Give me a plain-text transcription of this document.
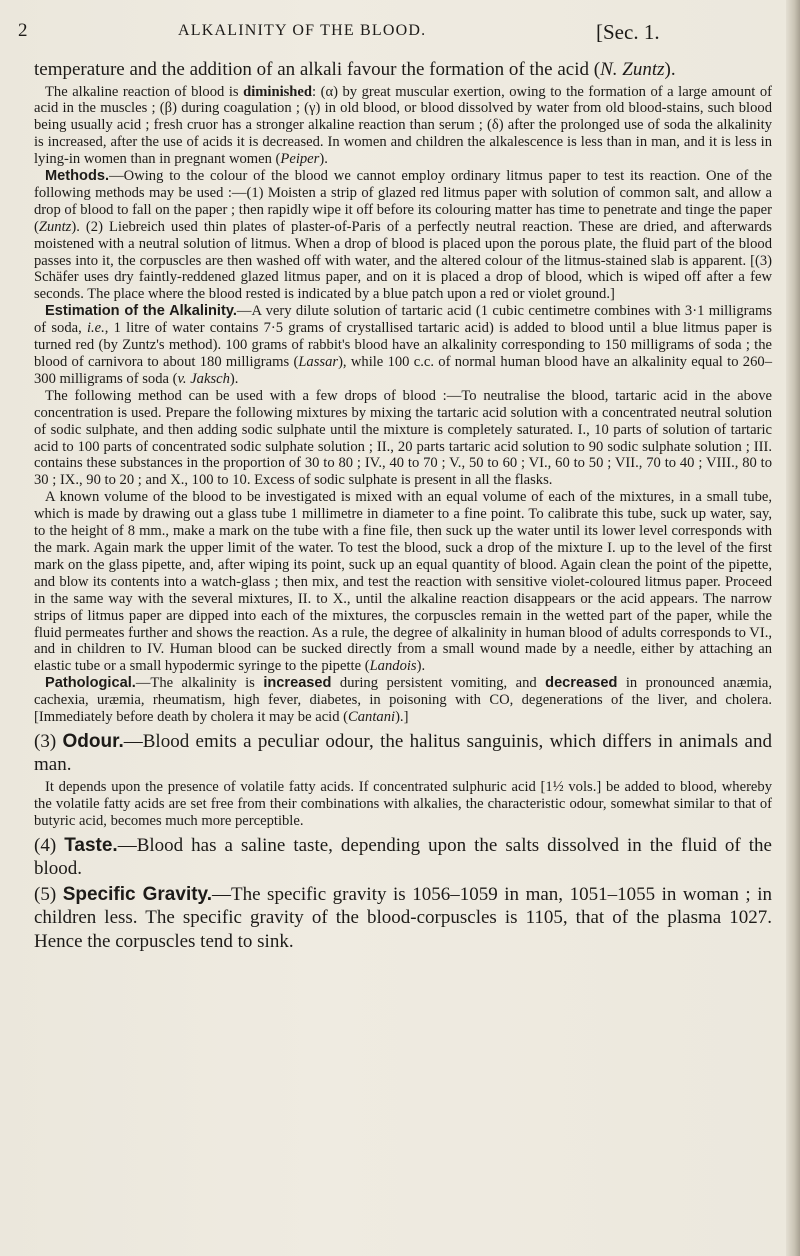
2	ALKALINITY OF THE BLOOD.	[Sec. 1.

temperature and the addition of an alkali favour the formation of the acid (N. Zuntz).

The alkaline reaction of blood is diminished: (α) by great muscular exertion, owing to the formation of a large amount of acid in the muscles ; (β) during coagulation ; (γ) in old blood, or blood dissolved by water from old blood-stains, such blood being usually acid ; fresh cruor has a stronger alkaline reaction than serum ; (δ) after the prolonged use of soda the alkalinity is increased, after the use of acids it is decreased. In women and children the alkalescence is less than in man, and it is less in lying-in women than in pregnant women (Peiper).

Methods.—Owing to the colour of the blood we cannot employ ordinary litmus paper to test its reaction. One of the following methods may be used :—(1) Moisten a strip of glazed red litmus paper with solution of common salt, and allow a drop of blood to fall on the paper ; then rapidly wipe it off before its colouring matter has time to penetrate and tinge the paper (Zuntz). (2) Liebreich used thin plates of plaster-of-Paris of a perfectly neutral reaction. These are dried, and afterwards moistened with a neutral solution of litmus. When a drop of blood is placed upon the porous plate, the fluid part of the blood passes into it, the corpuscles are then washed off with water, and the altered colour of the litmus-stained slab is apparent. [(3) Schäfer uses dry faintly-reddened glazed litmus paper, and on it is placed a drop of blood, which is wiped off after a few seconds. The place where the blood rested is indicated by a blue patch upon a red or violet ground.]

Estimation of the Alkalinity.—A very dilute solution of tartaric acid (1 cubic centimetre combines with 3·1 milligrams of soda, i.e., 1 litre of water contains 7·5 grams of crystallised tartaric acid) is added to blood until a blue litmus paper is turned red (by Zuntz's method). 100 grams of rabbit's blood have an alkalinity corresponding to 150 milligrams of soda ; the blood of carnivora to about 180 milligrams (Lassar), while 100 c.c. of normal human blood have an alkalinity equal to 260–300 milligrams of soda (v. Jaksch).

The following method can be used with a few drops of blood :—To neutralise the blood, tartaric acid in the above concentration is used. Prepare the following mixtures by mixing the tartaric acid solution with a concentrated neutral solution of sodic sulphate, and then adding sodic sulphate until the mixture is completely saturated. I., 10 parts of solution of tartaric acid to 100 parts of concentrated sodic sulphate solution ; II., 20 parts tartaric acid solution to 90 sodic sulphate solution ; III. contains these substances in the proportion of 30 to 80 ; IV., 40 to 70 ; V., 50 to 60 ; VI., 60 to 50 ; VII., 70 to 40 ; VIII., 80 to 30 ; IX., 90 to 20 ; and X., 100 to 10. Excess of sodic sulphate is present in all the flasks.

A known volume of the blood to be investigated is mixed with an equal volume of each of the mixtures, in a small tube, which is made by drawing out a glass tube 1 millimetre in diameter to a fine point. To calibrate this tube, suck up water, say, to the height of 8 mm., make a mark on the tube with a fine file, then suck up the water until its lower level corresponds with the mark. Again mark the upper limit of the water. To test the blood, suck a drop of the mixture I. up to the level of the first mark on the glass pipette, and, after wiping its point, suck up an equal quantity of blood. Again clean the point of the pipette, and blow its contents into a watch-glass ; then mix, and test the reaction with sensitive violet-coloured litmus paper. Proceed in the same way with the several mixtures, II. to X., until the alkaline reaction disappears or the acid appears. The narrow strips of litmus paper are dipped into each of the mixtures, the corpuscles remain in the wetted part of the paper, while the fluid permeates further and shows the reaction. As a rule, the degree of alkalinity in human blood of adults corresponds to VI., and in children to IV. Human blood can be sucked directly from a small wound made by a needle, either by attaching an elastic tube or a small hypodermic syringe to the pipette (Landois).

Pathological.—The alkalinity is increased during persistent vomiting, and decreased in pronounced anæmia, cachexia, uræmia, rheumatism, high fever, diabetes, in poisoning with CO, degenerations of the liver, and cholera. [Immediately before death by cholera it may be acid (Cantani).]

(3) Odour.—Blood emits a peculiar odour, the halitus sanguinis, which differs in animals and man.

It depends upon the presence of volatile fatty acids. If concentrated sulphuric acid [1½ vols.] be added to blood, whereby the volatile fatty acids are set free from their combinations with alkalies, the characteristic odour, somewhat similar to that of butyric acid, becomes much more perceptible.

(4) Taste.—Blood has a saline taste, depending upon the salts dissolved in the fluid of the blood.

(5) Specific Gravity.—The specific gravity is 1056–1059 in man, 1051–1055 in woman ; in children less. The specific gravity of the blood-corpuscles is 1105, that of the plasma 1027. Hence the corpuscles tend to sink.
